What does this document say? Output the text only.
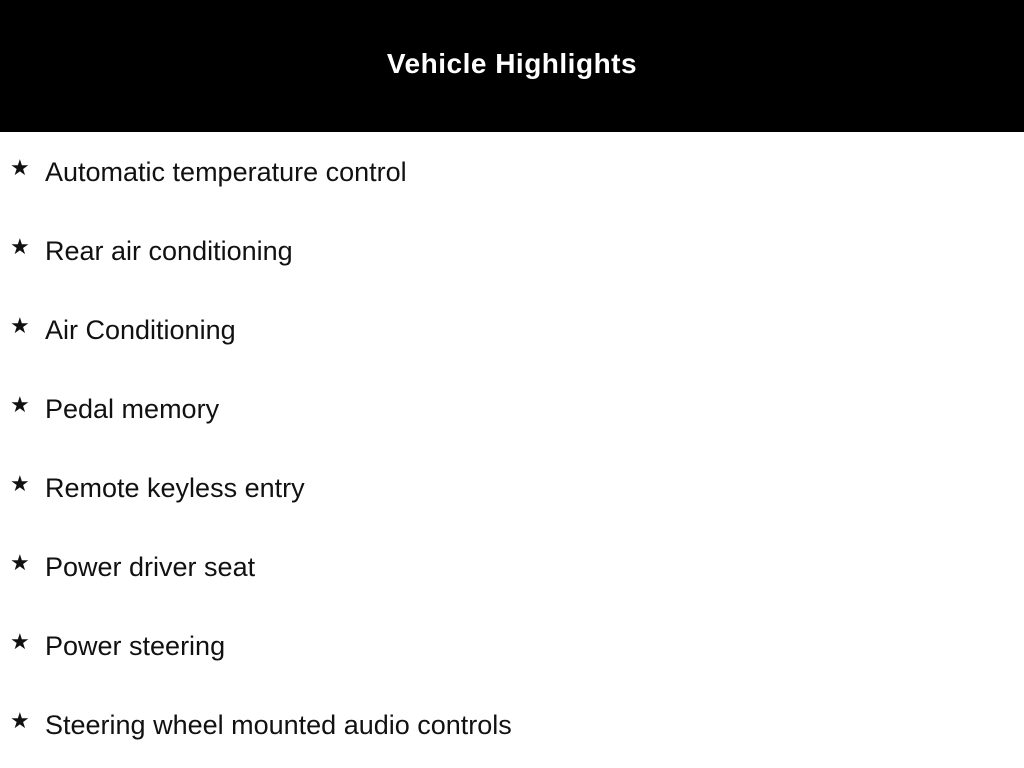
Vehicle Highlights
★ Automatic temperature control
★ Rear air conditioning
★ Air Conditioning
★ Pedal memory
★ Remote keyless entry
★ Power driver seat
★ Power steering
★ Steering wheel mounted audio controls
